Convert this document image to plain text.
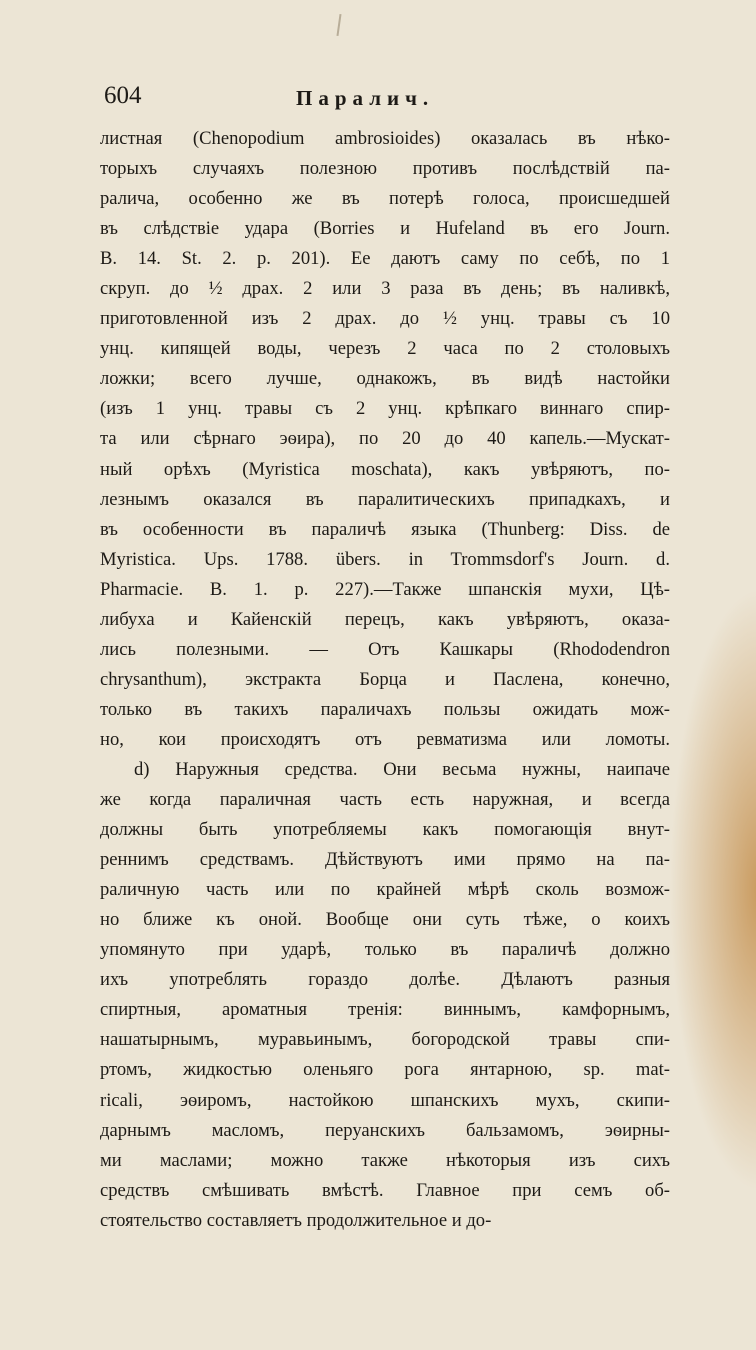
604	Паралич.
листная (Chenopodium ambrosioides) оказалась въ нѣко-
торыхъ случаяхъ полезною противъ послѣдствій па-
ралича, особенно же въ потерѣ голоса, происшедшей
въ слѣдствіе удара (Borries и Hufeland въ его Journ.
B. 14. St. 2. p. 201). Ее даютъ саму по себѣ, по 1
скруп. до ½ драх. 2 или 3 раза въ день; въ наливкѣ,
приготовленной изъ 2 драх. до ½ унц. травы съ 10
унц. кипящей воды, черезъ 2 часа по 2 столовыхъ
ложки; всего лучше, однакожъ, въ видѣ настойки
(изъ 1 унц. травы съ 2 унц. крѣпкаго виннаго спир-
та или сѣрнаго эѳира), по 20 до 40 капель.—Мускат-
ный орѣхъ (Myristica moschata), какъ увѣряютъ, по-
лезнымъ оказался въ паралитическихъ припадкахъ, и
въ особенности въ параличѣ языка (Thunberg: Diss. de
Myristica. Ups. 1788. übers. in Trommsdorf's Journ. d.
Pharmacie. B. 1. p. 227).—Также шпанскія мухи, Цѣ-
либуха и Кайенскій перецъ, какъ увѣряютъ, оказа-
лись полезными. — Отъ Кашкары (Rhododendron
chrysanthum), экстракта Борца и Паслена, конечно,
только въ такихъ параличахъ пользы ожидать мож-
но, кои происходятъ отъ ревматизма или ломоты.
d) Наружныя средства. Они весьма нужны, наипаче
же когда параличная часть есть наружная, и всегда
должны быть употребляемы какъ помогающія внут-
реннимъ средствамъ. Дѣйствуютъ ими прямо на па-
раличную часть или по крайней мѣрѣ сколь возмож-
но ближе къ оной. Вообще они суть тѣже, о коихъ
упомянуто при ударѣ, только въ параличѣ должно
ихъ употреблять гораздо долѣе. Дѣлаютъ разныя
спиртныя, ароматныя тренія: виннымъ, камфорнымъ,
нашатырнымъ, муравьинымъ, богородской травы спи-
ртомъ, жидкостью оленьяго рога янтарною, sp. mat-
ricali, эѳиромъ, настойкою шпанскихъ мухъ, скипи-
дарнымъ масломъ, перуанскихъ бальзамомъ, эѳирны-
ми маслами; можно также нѣкоторыя изъ сихъ
средствъ смѣшивать вмѣстѣ. Главное при семъ об-
стоятельство составляетъ продолжительное и до-
